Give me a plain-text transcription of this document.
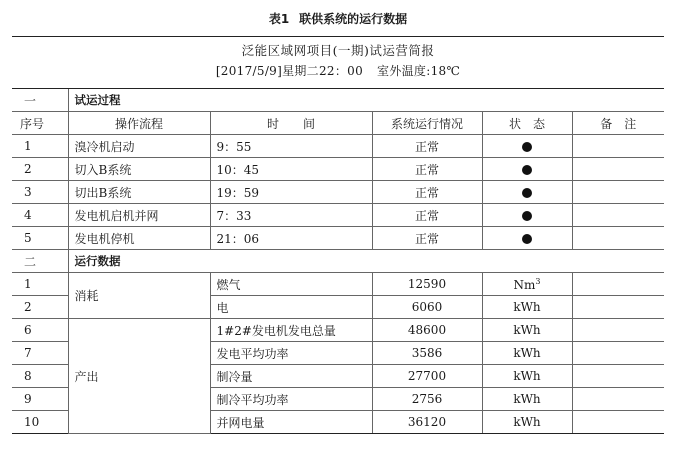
表1 联供系统的运行数据
泛能区域网项目(一期)试运营简报
[2017/5/9]星期二22：00 室外温度:18℃
一	试运过程				
序号	操作流程	时　　间	系统运行情况	状　态	备　注
1	溴冷机启动	9：55	正常		
2	切入B系统	10：45	正常		
3	切出B系统	19：59	正常		
4	发电机启机并网	7：33	正常		
5	发电机停机	21：06	正常		
二	运行数据				
1	消耗	燃气	12590	Nm$^3$	
2		电	6060	kWh	
6	产出	1#2#发电机发电总量	48600	kWh	
7		发电平均功率	3586	kWh	
8		制冷量	27700	kWh	
9		制冷平均功率	2756	kWh	
10		并网电量	36120	kWh	
